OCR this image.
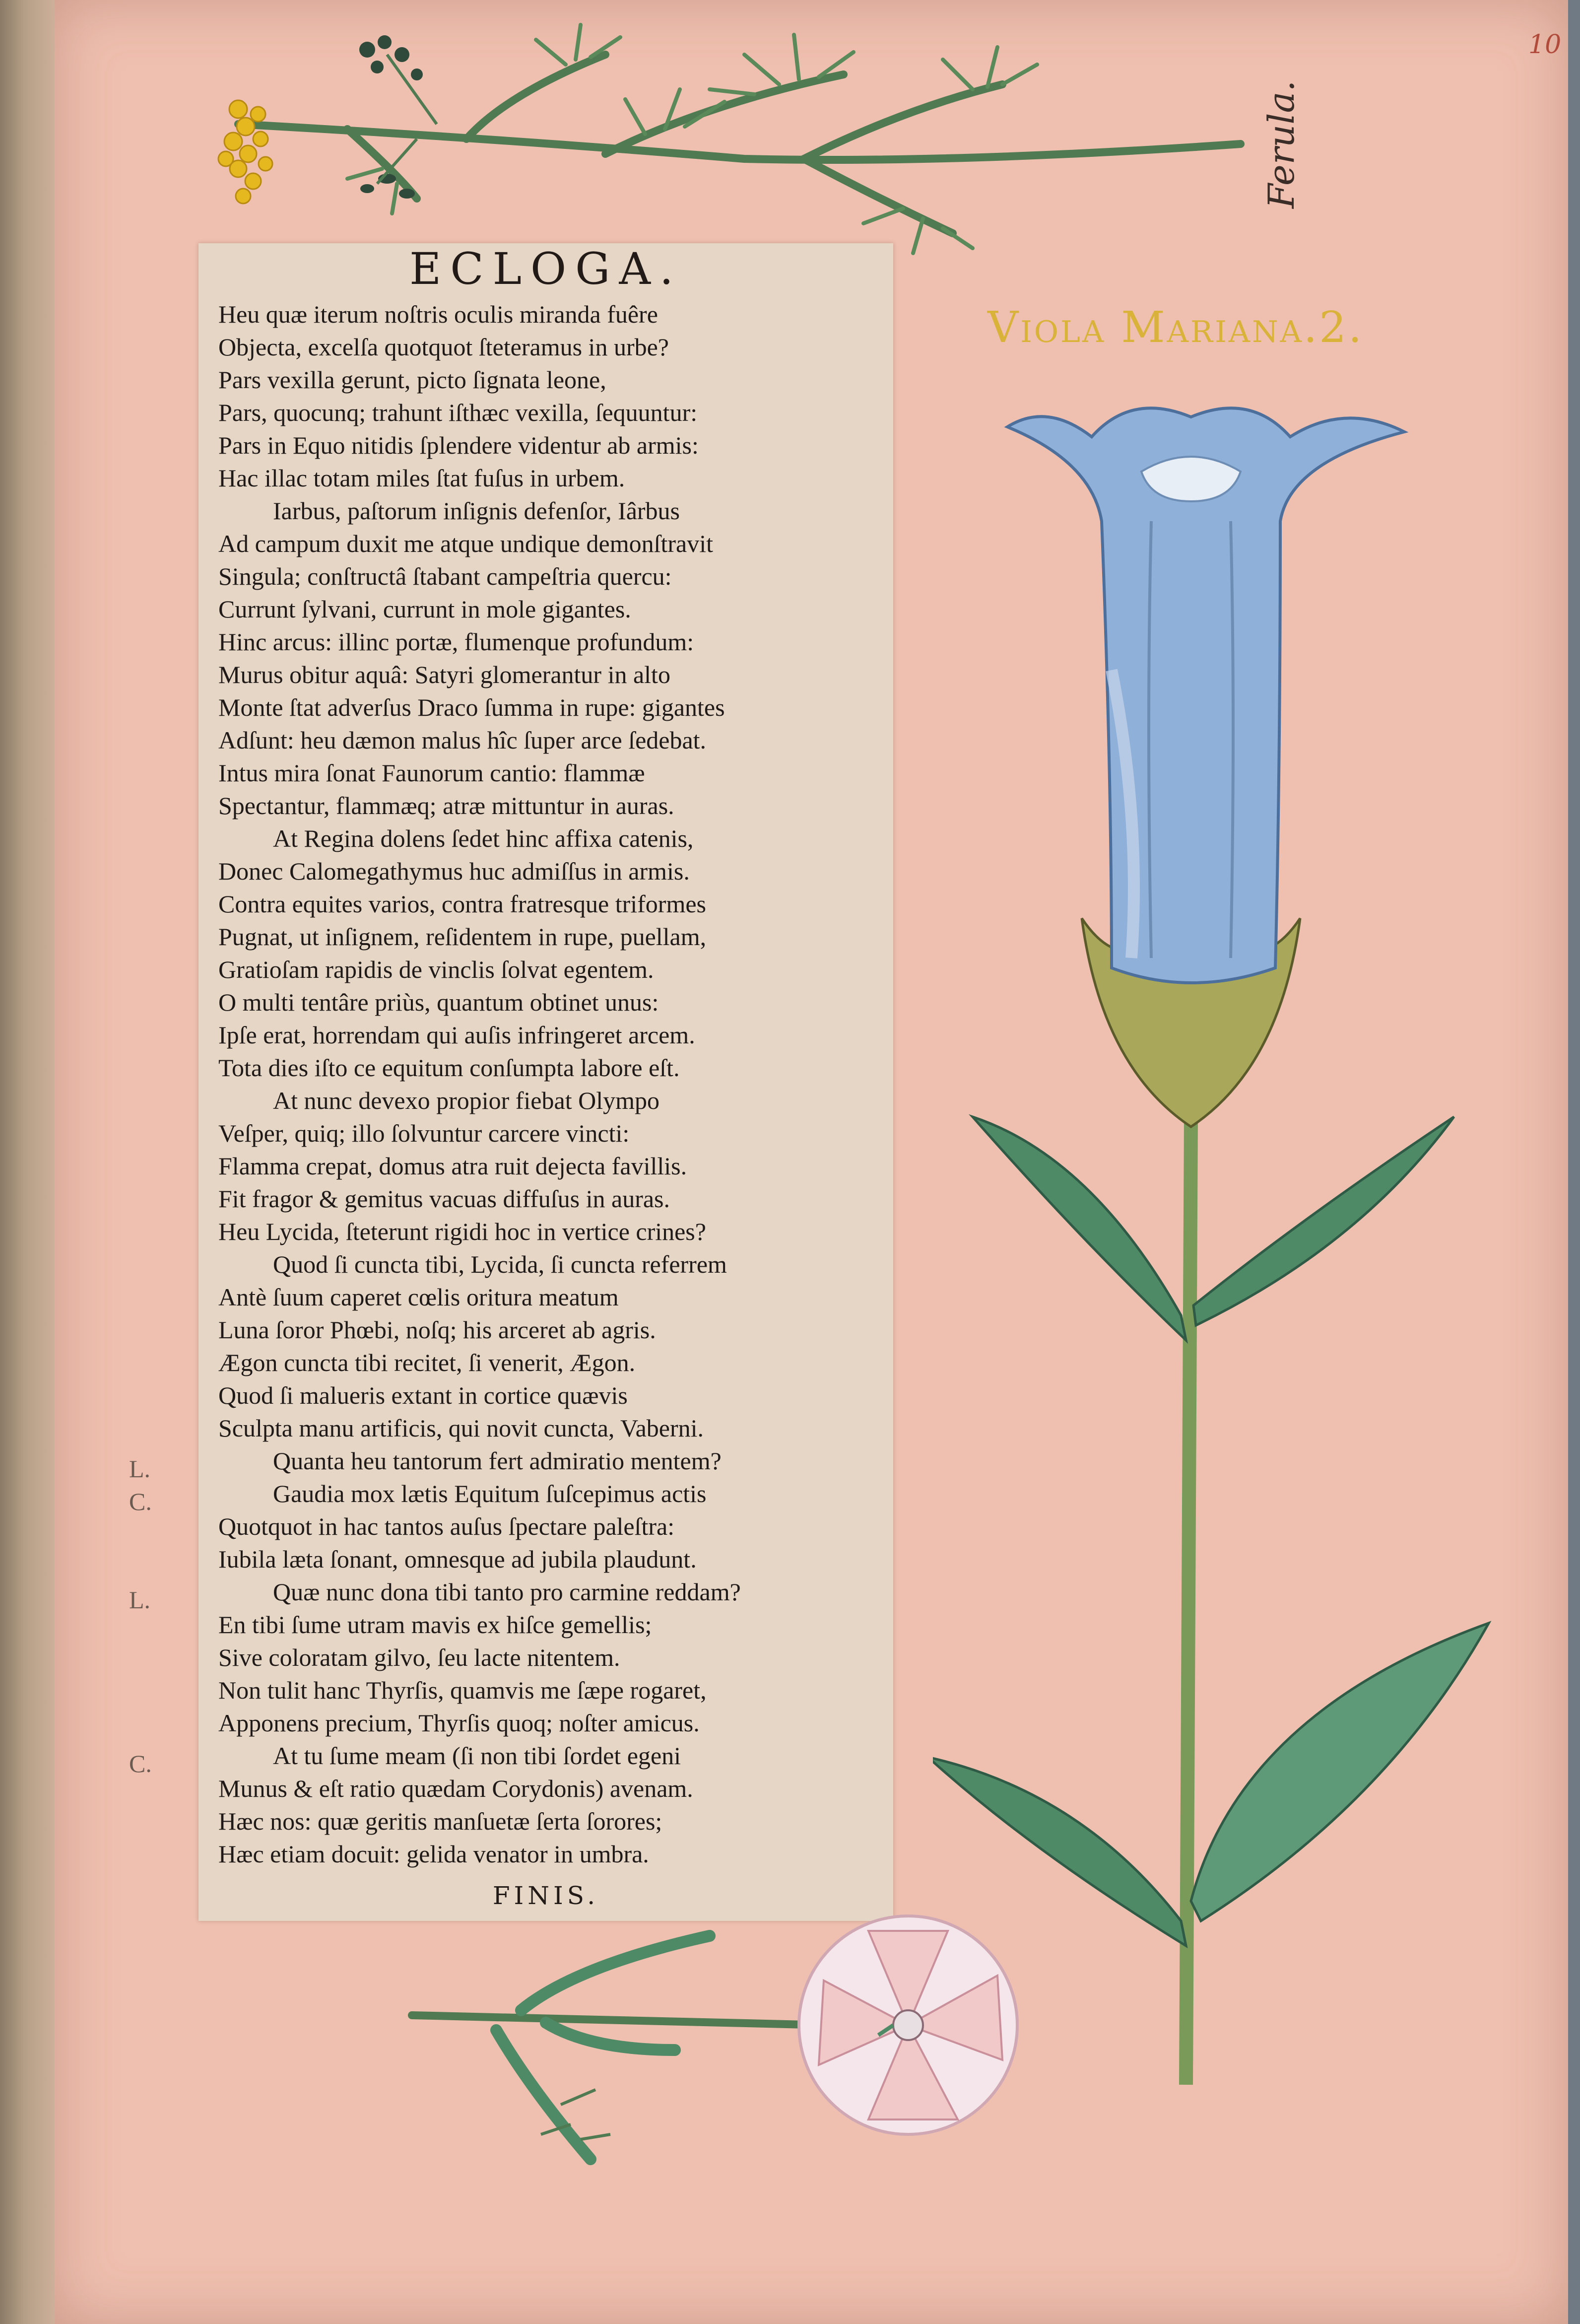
10
Ferula.
Viola Mariana.2.
ECLOGA.
Heu quæ iterum noſtris oculis miranda fuêre
Objecta, excelſa quotquot ſteteramus in urbe?
Pars vexilla gerunt, picto ſignata leone,
Pars, quocunq; trahunt iſthæc vexilla, ſequuntur:
Pars in Equo nitidis ſplendere videntur ab armis:
Hac illac totam miles ſtat fuſus in urbem.
Iarbus, paſtorum inſignis defenſor, Iârbus
Ad campum duxit me atque undique demonſtravit
Singula; conſtructâ ſtabant campeſtria quercu:
Currunt ſylvani, currunt in mole gigantes.
Hinc arcus: illinc portæ, flumenque profundum:
Murus obitur aquâ: Satyri glomerantur in alto
Monte ſtat adverſus Draco ſumma in rupe: gigantes
Adſunt: heu dæmon malus hîc ſuper arce ſedebat.
Intus mira ſonat Faunorum cantio: flammæ
Spectantur, flammæq; atræ mittuntur in auras.
At Regina dolens ſedet hinc affixa catenis,
Donec Calomegathymus huc admiſſus in armis.
Contra equites varios, contra fratresque triformes
Pugnat, ut inſignem, reſidentem in rupe, puellam,
Gratioſam rapidis de vinclis ſolvat egentem.
O multi tentâre priùs, quantum obtinet unus:
Ipſe erat, horrendam qui auſis infringeret arcem.
Tota dies iſto ce equitum conſumpta labore eſt.
At nunc devexo propior fiebat Olympo
Veſper, quiq; illo ſolvuntur carcere vincti:
Flamma crepat, domus atra ruit dejecta favillis.
Fit fragor & gemitus vacuas diffuſus in auras.
Heu Lycida, ſteterunt rigidi hoc in vertice crines?
Quod ſi cuncta tibi, Lycida, ſi cuncta referrem
Antè ſuum caperet cœlis oritura meatum
Luna ſoror Phœbi, noſq; his arceret ab agris.
Ægon cuncta tibi recitet, ſi venerit, Ægon.
Quod ſi malueris extant in cortice quævis
Sculpta manu artificis, qui novit cuncta, Vaberni.
Quanta heu tantorum fert admiratio mentem?
Gaudia mox lætis Equitum ſuſcepimus actis
Quotquot in hac tantos auſus ſpectare paleſtra:
Iubila læta ſonant, omnesque ad jubila plaudunt.
Quæ nunc dona tibi tanto pro carmine reddam?
En tibi ſume utram mavis ex hiſce gemellis;
Sive coloratam gilvo, ſeu lacte nitentem.
Non tulit hanc Thyrſis, quamvis me ſæpe rogaret,
Apponens precium, Thyrſis quoq; noſter amicus.
At tu ſume meam (ſi non tibi ſordet egeni
Munus & eſt ratio quædam Corydonis) avenam.
Hæc nos: quæ geritis manſuetæ ſerta ſorores;
Hæc etiam docuit: gelida venator in umbra.
FINIS.
L.
C.
L.
C.
